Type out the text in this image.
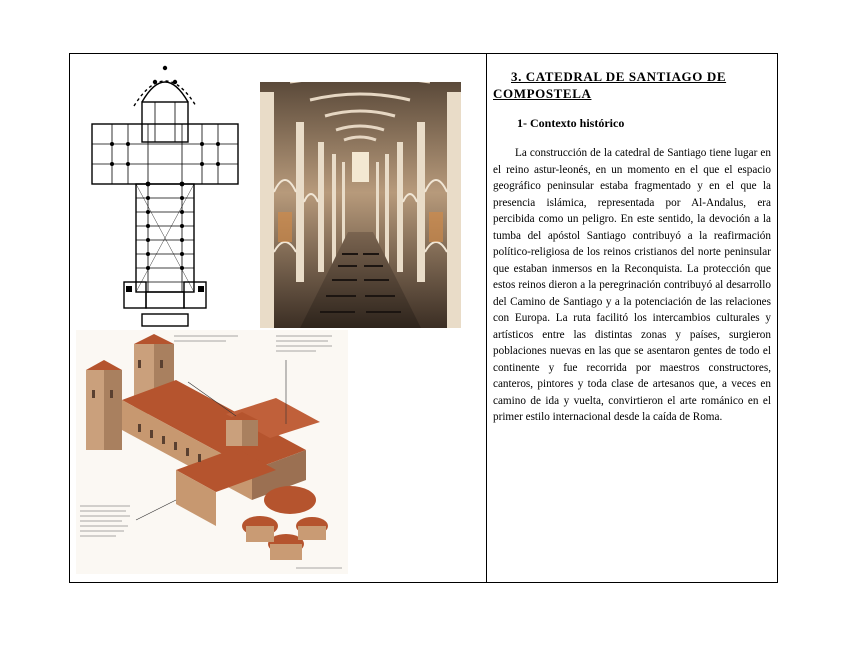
3. CATEDRAL DE SANTIAGO DE
COMPOSTELA
1- Contexto histórico

La construcción de la catedral de Santiago tiene lugar en el reino astur-leonés, en un momento en el que el espacio geográfico peninsular estaba fragmentado y en el que la presencia islámica, representada por Al-Andalus, era percibida como un peligro. En este sentido, la devoción a la tumba del apóstol Santiago contribuyó a la reafirmación político-religiosa de los reinos cristianos del norte peninsular que estaban inmersos en la Reconquista. La protección que estos reinos dieron a la peregrinación contribuyó al desarrollo del Camino de Santiago y a la potenciación de las relaciones con Europa. La ruta facilitó los intercambios culturales y artísticos entre las distintas zonas y países, surgieron poblaciones nuevas en las que se asentaron gentes de todo el continente y fue recorrida por maestros constructores, canteros, pintores y toda clase de artesanos que, a veces en camino de ida y vuelta, convirtieron el arte románico en el primer estilo internacional desde la caída de Roma.
